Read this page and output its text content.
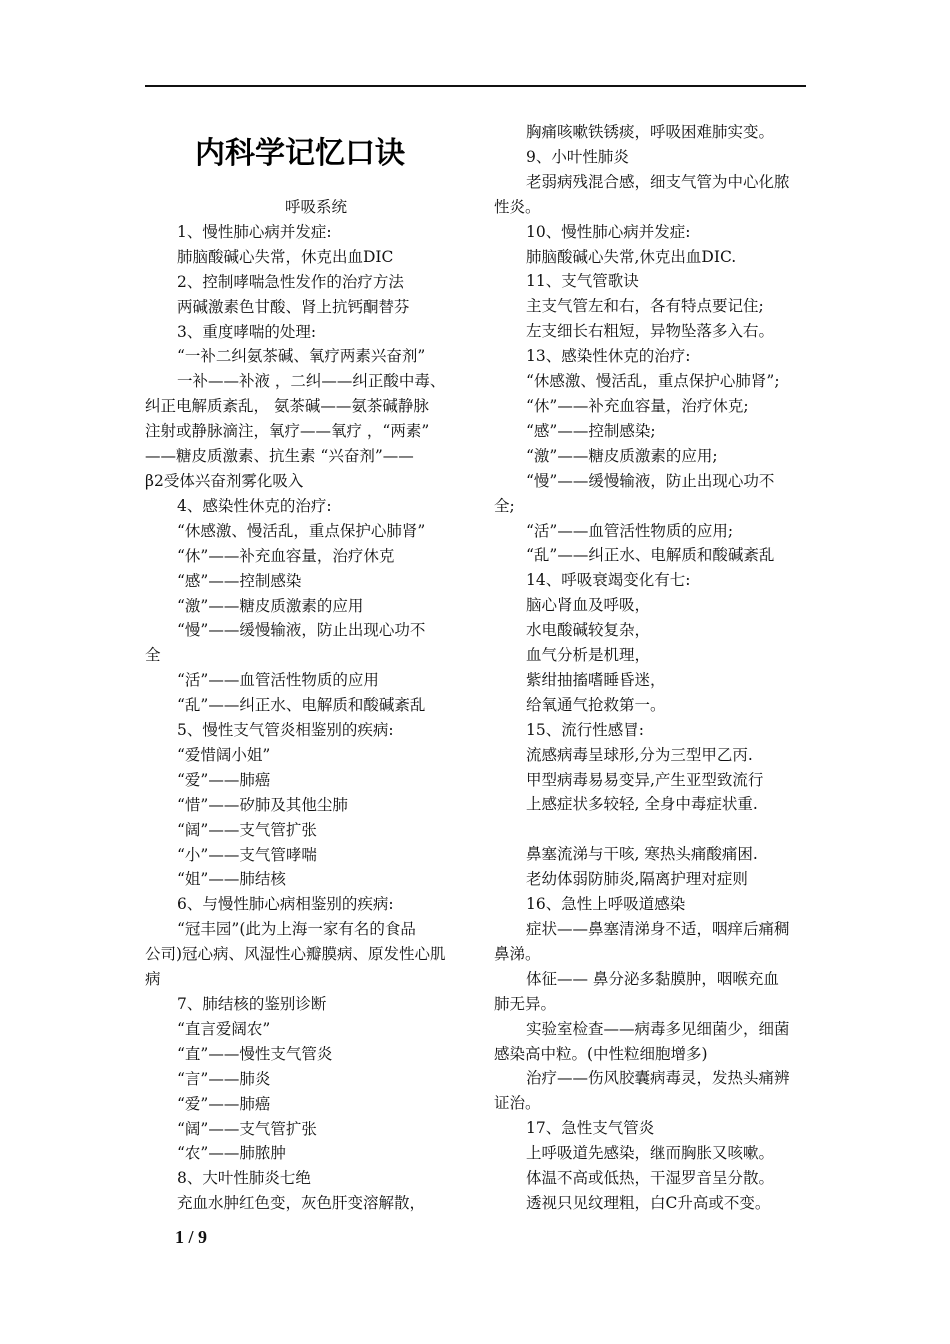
内科学记忆口诀

呼吸系统

1、慢性肺心病并发症:

肺脑酸碱心失常，休克出血DIC

2、控制哮喘急性发作的治疗方法

两碱激素色甘酸、肾上抗钙酮替芬

3、重度哮喘的处理:

“一补二纠氨茶碱、氧疗两素兴奋剂”

一补——补液 ，二纠——纠正酸中毒、

纠正电解质紊乱， 氨茶碱——氨茶碱静脉

注射或静脉滴注，氧疗——氧疗 ，“两素”

——糖皮质激素、抗生素 “兴奋剂”——

β2受体兴奋剂雾化吸入

4、感染性休克的治疗:

“休感激、慢活乱，重点保护心肺肾”

“休”——补充血容量，治疗休克

“感”——控制感染

“激”——糖皮质激素的应用

“慢”——缓慢输液，防止出现心功不

全

“活”——血管活性物质的应用

“乱”——纠正水、电解质和酸碱紊乱

5、慢性支气管炎相鉴别的疾病:

“爱惜阔小姐”

“爱”——肺癌

“惜”——矽肺及其他尘肺

“阔”——支气管扩张

“小”——支气管哮喘

“姐”——肺结核

6、与慢性肺心病相鉴别的疾病:

“冠丰园”(此为上海一家有名的食品

公司)冠心病、风湿性心瓣膜病、原发性心肌

病

7、肺结核的鉴别诊断

“直言爱阔农”

“直”——慢性支气管炎

“言”——肺炎

“爱”——肺癌

“阔”——支气管扩张

“农”——肺脓肿

8、大叶性肺炎七绝

充血水肿红色变，灰色肝变溶解散，

胸痛咳嗽铁锈痰，呼吸困难肺实变。

9、小叶性肺炎

老弱病残混合感，细支气管为中心化脓

性炎。

10、慢性肺心病并发症:

肺脑酸碱心失常,休克出血DIC.

11、支气管歌诀

主支气管左和右，各有特点要记住;

左支细长右粗短，异物坠落多入右。

13、感染性休克的治疗:

“休感激、慢活乱，重点保护心肺肾”;

“休”——补充血容量，治疗休克;

“感”——控制感染;

“激”——糖皮质激素的应用;

“慢”——缓慢输液，防止出现心功不

全;

“活”——血管活性物质的应用;

“乱”——纠正水、电解质和酸碱紊乱

14、呼吸衰竭变化有七:

脑心肾血及呼吸，

水电酸碱较复杂，

血气分析是机理，

紫绀抽搐嗜睡昏迷，

给氧通气抢救第一。

15、流行性感冒:

流感病毒呈球形,分为三型甲乙丙.

甲型病毒易易变异,产生亚型致流行

上感症状多较轻, 全身中毒症状重.

鼻塞流涕与干咳, 寒热头痛酸痛困.

老幼体弱防肺炎,隔离护理对症则

16、急性上呼吸道感染

症状——鼻塞清涕身不适，咽痒后痛稠

鼻涕。

体征—— 鼻分泌多黏膜肿，咽喉充血

肺无异。

实验室检查——病毒多见细菌少，细菌

感染高中粒。(中性粒细胞增多)

治疗——伤风胶囊病毒灵，发热头痛辨

证治。

17、急性支气管炎

上呼吸道先感染，继而胸胀又咳嗽。

体温不高或低热，干湿罗音呈分散。

透视只见纹理粗，白C升高或不变。

1 / 9
